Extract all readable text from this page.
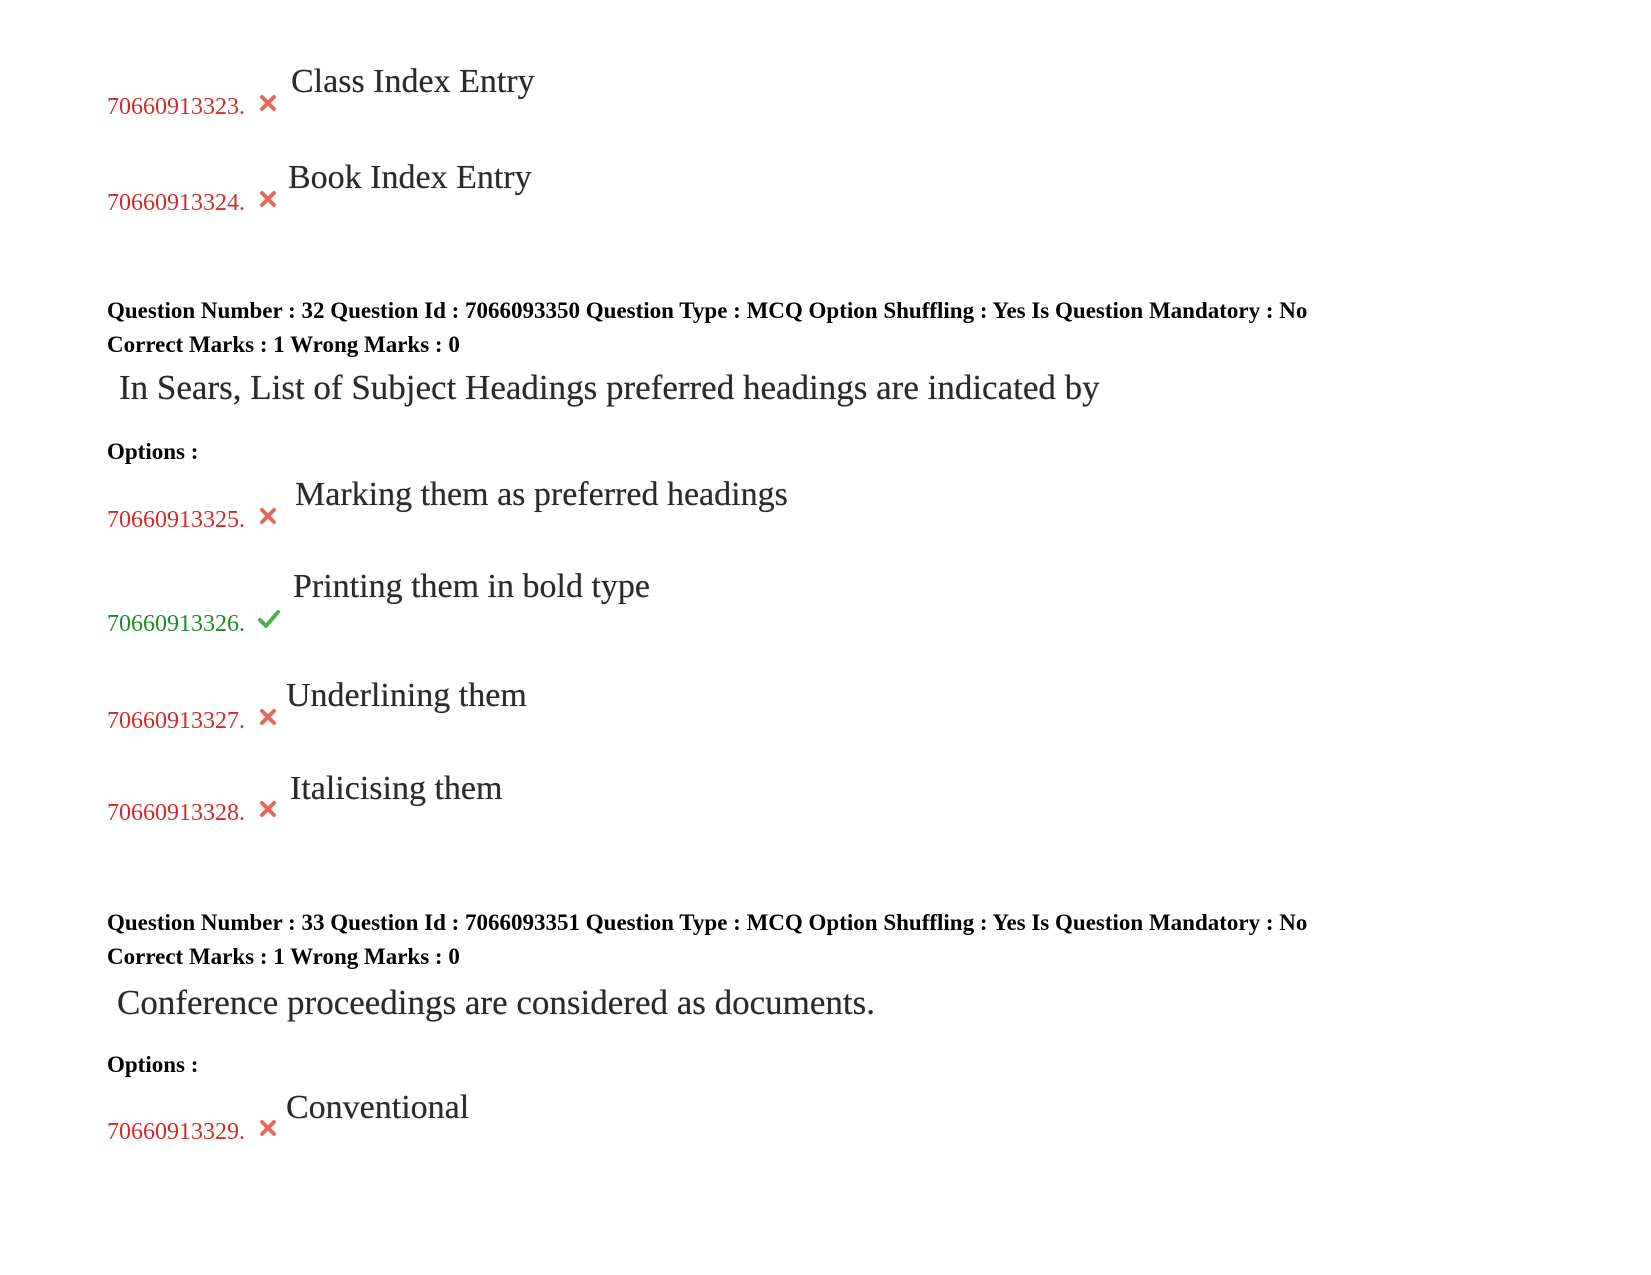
70660913323.
Class Index Entry
70660913324.
Book Index Entry
Question Number : 32 Question Id : 7066093350 Question Type : MCQ Option Shuffling : Yes Is Question Mandatory : No
Correct Marks : 1 Wrong Marks : 0
In Sears, List of Subject Headings preferred headings are indicated by
Options :
70660913325.
Marking them as preferred headings
70660913326.
Printing them in bold type
70660913327.
Underlining them
70660913328.
Italicising them
Question Number : 33 Question Id : 7066093351 Question Type : MCQ Option Shuffling : Yes Is Question Mandatory : No
Correct Marks : 1 Wrong Marks : 0
Conference proceedings are considered as documents.
Options :
70660913329.
Conventional
